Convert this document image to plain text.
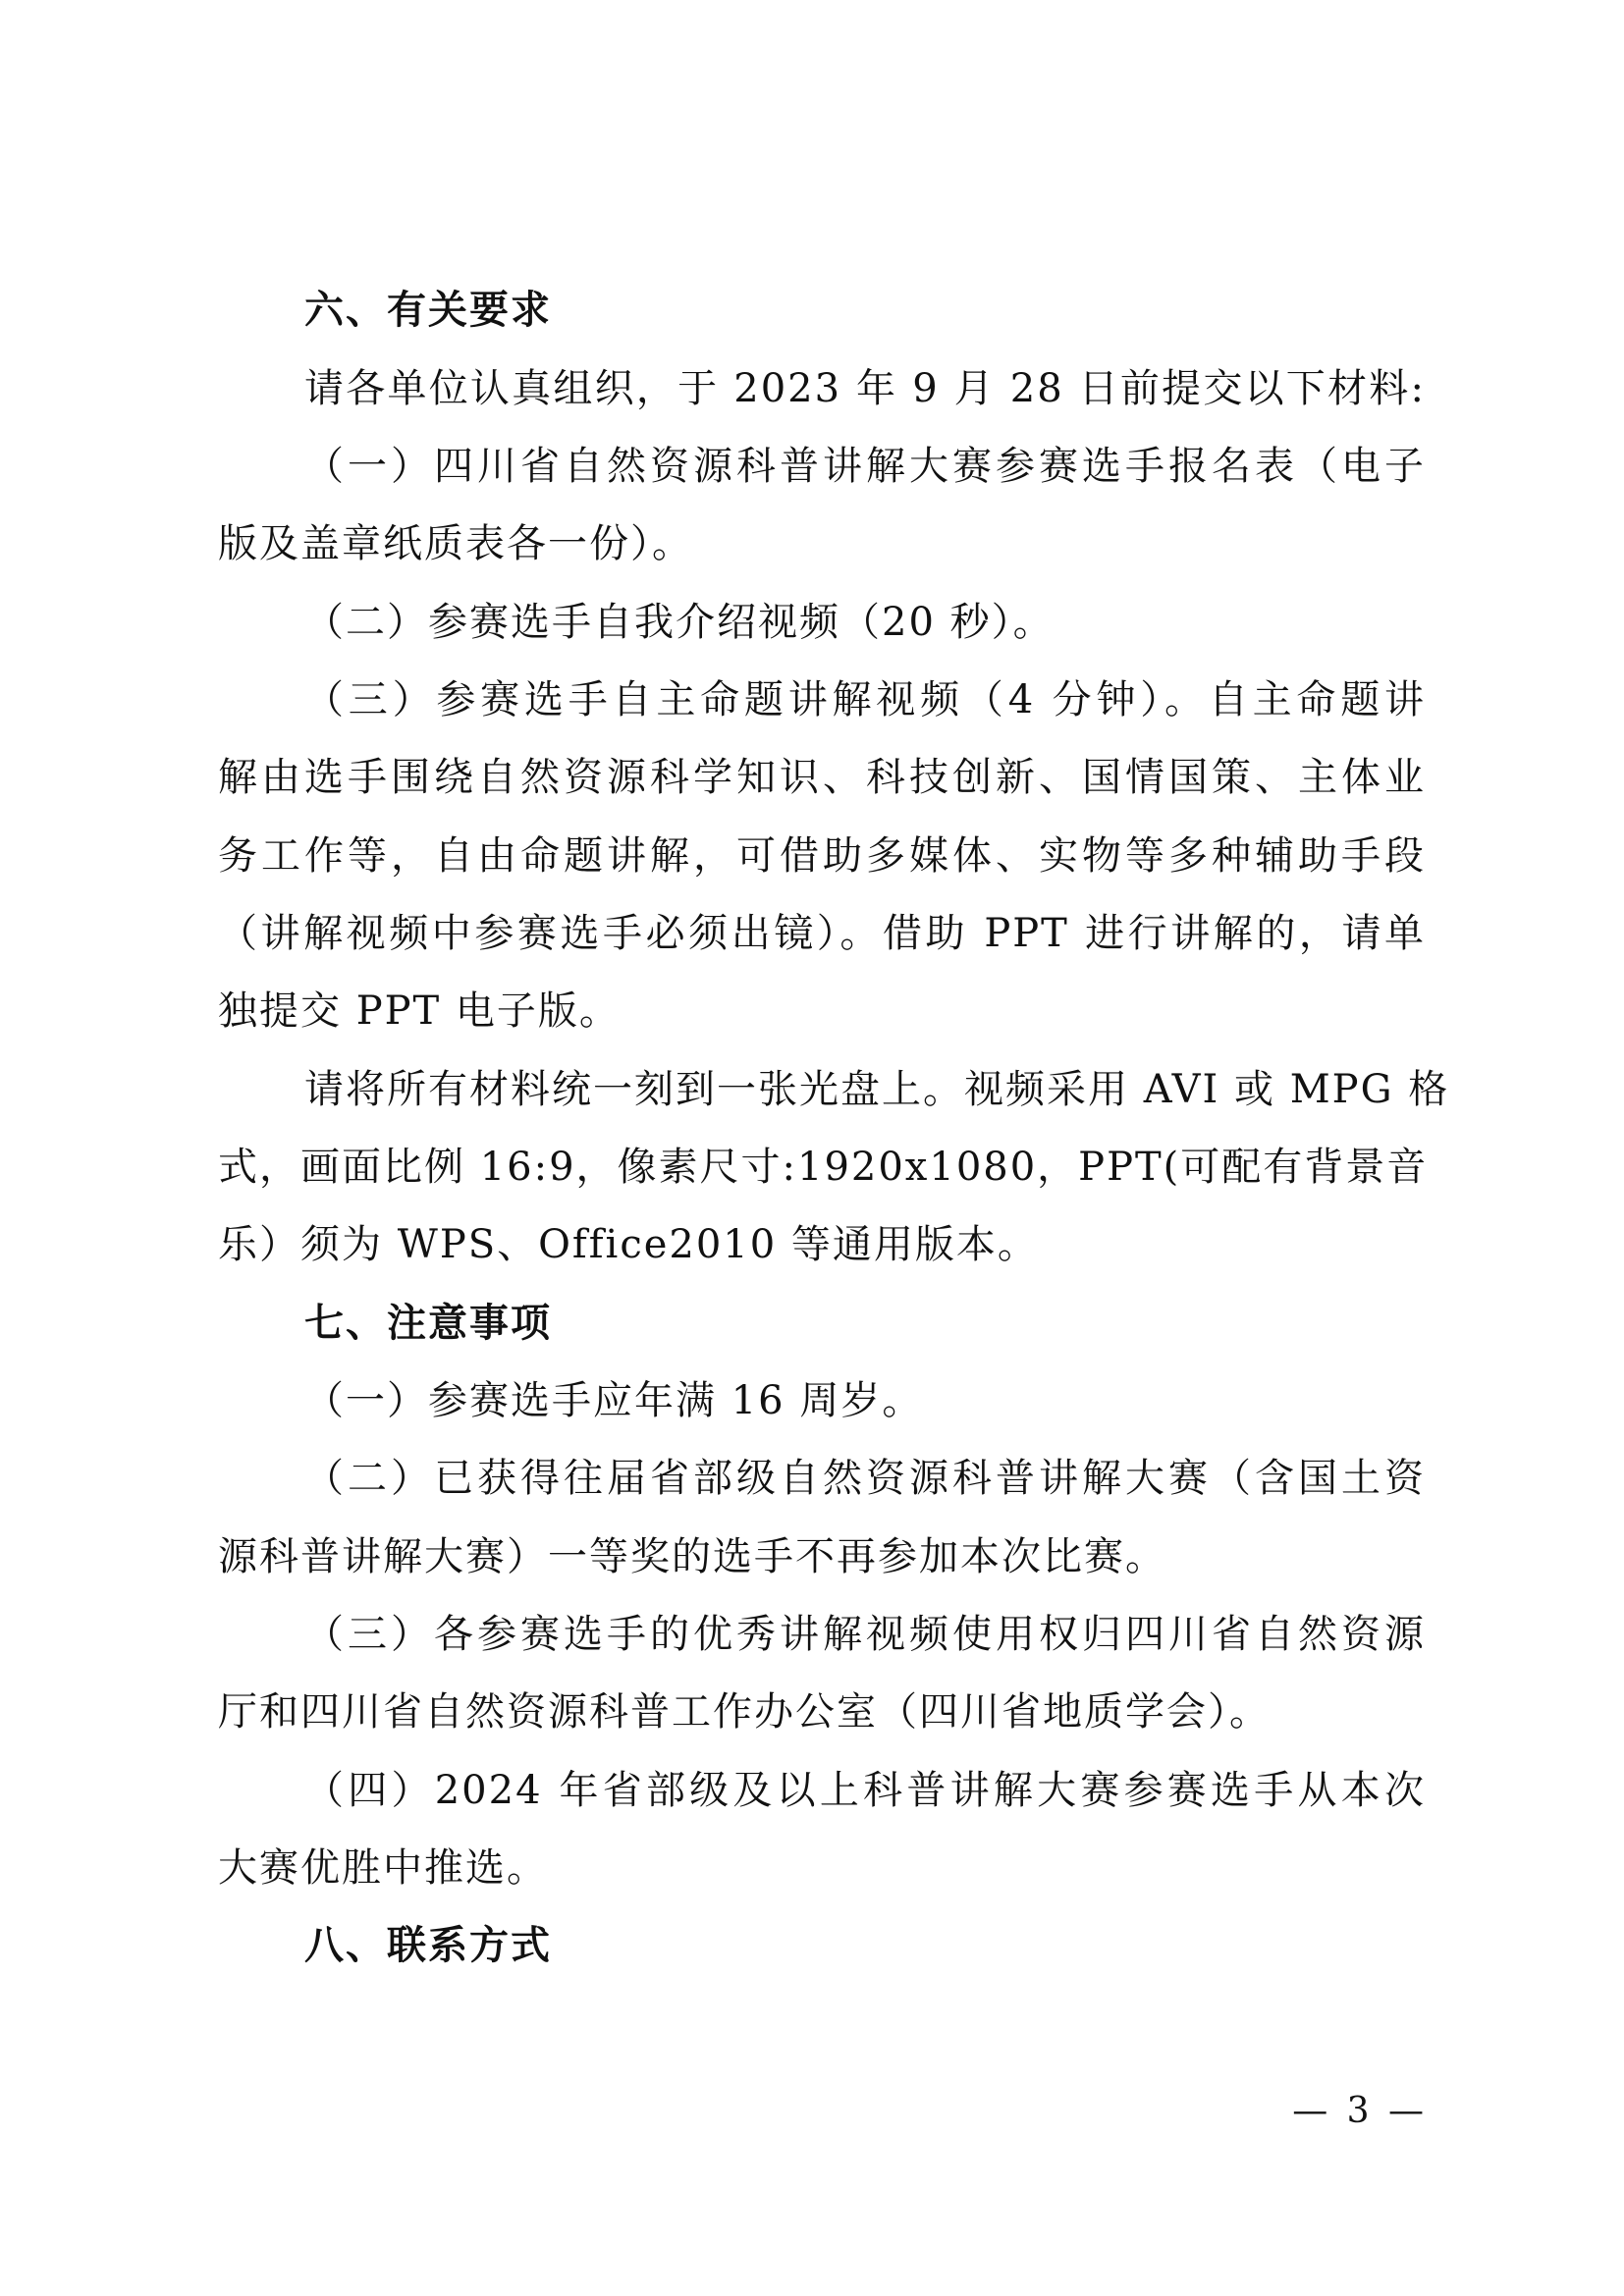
六、有关要求
请各单位认真组织，于 2023 年 9 月 28 日前提交以下材料:
（一）四川省自然资源科普讲解大赛参赛选手报名表（电子
版及盖章纸质表各一份）。
（二）参赛选手自我介绍视频（20 秒）。
（三）参赛选手自主命题讲解视频（4 分钟）。自主命题讲
解由选手围绕自然资源科学知识、科技创新、国情国策、主体业
务工作等，自由命题讲解，可借助多媒体、实物等多种辅助手段
（讲解视频中参赛选手必须出镜）。借助 PPT 进行讲解的，请单
独提交 PPT 电子版。
请将所有材料统一刻到一张光盘上。视频采用 AVI 或 MPG 格
式，画面比例 16:9，像素尺寸:1920x1080，PPT(可配有背景音
乐）须为 WPS、Office2010 等通用版本。
七、注意事项
（一）参赛选手应年满 16 周岁。
（二）已获得往届省部级自然资源科普讲解大赛（含国土资
源科普讲解大赛）一等奖的选手不再参加本次比赛。
（三）各参赛选手的优秀讲解视频使用权归四川省自然资源
厅和四川省自然资源科普工作办公室（四川省地质学会）。
（四）2024 年省部级及以上科普讲解大赛参赛选手从本次
大赛优胜中推选。
八、联系方式
— 3 —
